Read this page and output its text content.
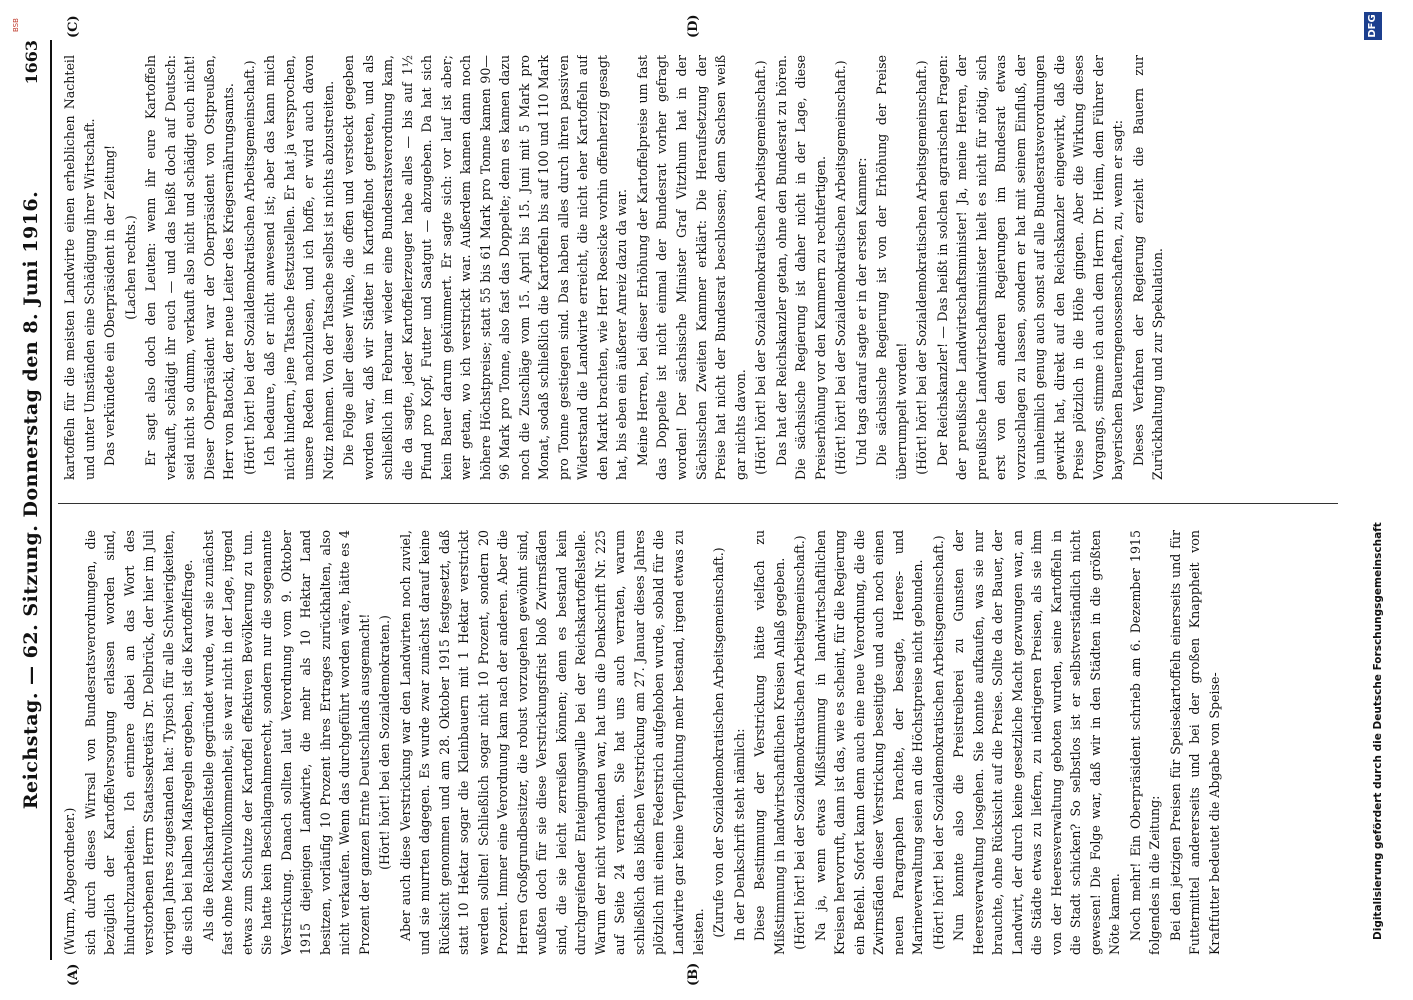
Reichstag. — 62. Sitzung. Donnerstag den 8. Juni 1916.
1663
(A)	(B)
(C)	(D)

(Wurm, Abgeordneter.) sich durch dieses Wirrsal von Bundesratsverordnungen, die bezüglich der Kartoffelversorgung erlassen worden sind, hindurchzuarbeiten. Ich erinnere dabei an das Wort des verstorbenen Herrn Staatssekretärs Dr. Delbrück, der hier im Juli vorigen Jahres zugestanden hat: Typisch für alle Schwierigkeiten, die sich bei halben Maßregeln ergeben, ist die Kartoffelfrage. Als die Reichskartoffelstelle gegründet wurde, war sie zunächst fast ohne Machtvollkommenheit, sie war nicht in der Lage, irgend etwas zum Schutze der Kartoffel effektiven Bevölkerung zu tun. Sie hatte kein Beschlagnahmerecht, sondern nur die sogenannte Verstrickung. Danach sollten laut Verordnung vom 9. Oktober 1915 diejenigen Landwirte, die mehr als 10 Hektar Land besitzen, vorläufig 10 Prozent ihres Ertrages zurückhalten, also nicht verkaufen. Wenn das durchgeführt worden wäre, hätte es 4 Prozent der ganzen Ernte Deutschlands ausgemacht! (Hört! hört! bei den Sozialdemokraten.) Aber auch diese Verstrickung war den Landwirten noch zuviel, und sie murrten dagegen. Es wurde zwar zunächst darauf keine Rücksicht genommen und am 28. Oktober 1915 festgesetzt, daß statt 10 Hektar sogar die Kleinbauern mit 1 Hektar verstrickt werden sollten! Schließlich sogar nicht 10 Prozent, sondern 20 Prozent. Immer eine Verordnung kam nach der anderen. Aber die Herren Großgrundbesitzer, die robust vorzugehen gewöhnt sind, wußten doch für sie diese Verstrickungsfrist bloß Zwirnsfäden sind, die sie leicht zerreißen können; denn es bestand kein durchgreifender Enteignungswille bei der Reichskartoffelstelle. Warum der nicht vorhanden war, hat uns die Denkschrift Nr. 225 auf Seite 24 verraten. Sie hat uns auch verraten, warum schließlich das bißchen Verstrickung am 27. Januar dieses Jahres plötzlich mit einem Federstrich aufgehoben wurde, sobald für die Landwirte gar keine Verpflichtung mehr bestand, irgend etwas zu leisten. (Zurufe von der Sozialdemokratischen Arbeitsgemeinschaft.) In der Denkschrift steht nämlich: Diese Bestimmung der Verstrickung hätte vielfach zu Mißstimmung in landwirtschaftlichen Kreisen Anlaß gegeben. (Hört! hört! bei der Sozialdemokratischen Arbeitsgemeinschaft.) Na ja, wenn etwas Mißstimmung in landwirtschaftlichen Kreisen hervorruft, dann ist das, wie es scheint, für die Regierung ein Befehl. Sofort kann denn auch eine neue Verordnung, die die Zwirnsfäden dieser Verstrickung beseitigte und auch noch einen neuen Paragraphen brachte, der besagte, Heeres- und Marineverwaltung seien an die Höchstpreise nicht gebunden. (Hört! hört! bei der Sozialdemokratischen Arbeitsgemeinschaft.) Nun konnte also die Preistreiberei zu Gunsten der Heeresverwaltung losgehen. Sie konnte aufkaufen, was sie nur brauchte, ohne Rücksicht auf die Preise. Sollte da der Bauer, der Landwirt, der durch keine gesetzliche Macht gezwungen war, an die Städte etwas zu liefern, zu niedrigeren Preisen, als sie ihm von der Heeresverwaltung geboten wurden, seine Kartoffeln in die Stadt schicken? So selbstlos ist er selbstverständlich nicht gewesen! Die Folge war, daß wir in den Städten in die größten Nöte kamen. Noch mehr! Ein Oberpräsident schrieb am 6. Dezember 1915 folgendes in die Zeitung: Bei den jetzigen Preisen für Speisekartoffeln einerseits und für Futtermittel andererseits und bei der großen Knappheit von Kraftfutter bedeutet die Abgabe von Speise-

kartoffeln für die meisten Landwirte einen erheblichen Nachteil und unter Umständen eine Schädigung ihrer Wirtschaft. Das verkündete ein Oberpräsident in der Zeitung! (Lachen rechts.) Er sagt also doch den Leuten: wenn ihr eure Kartoffeln verkauft, schädigt ihr euch — und das heißt doch auf Deutsch: seid nicht so dumm, verkauft also nicht und schädigt euch nicht! Dieser Oberpräsident war der Oberpräsident von Ostpreußen, Herr von Batocki, der neue Leiter des Kriegsernährungsamts. (Hört! hört! bei der Sozialdemokratischen Arbeitsgemeinschaft.) Ich bedaure, daß er nicht anwesend ist; aber das kann mich nicht hindern, jene Tatsache festzustellen. Er hat ja versprochen, unsere Reden nachzulesen, und ich hoffe, er wird auch davon Notiz nehmen. Von der Tatsache selbst ist nichts abzustreiten. Die Folge aller dieser Winke, die offen und versteckt gegeben worden war, daß wir Städter in Kartoffelnot getreten, und als schließlich im Februar wieder eine Bundesratsverordnung kam, die da sagte, jeder Kartoffelerzeuger habe alles — bis auf 1½ Pfund pro Kopf, Futter und Saatgut — abzugeben. Da hat sich kein Bauer darum gekümmert. Er sagte sich: vor lauf ist aber; wer getan, wo ich verstrickt war. Außerdem kamen dann noch höhere Höchstpreise; statt 55 bis 61 Mark pro Tonne kamen 90—96 Mark pro Tonne, also fast das Doppelte; denn es kamen dazu noch die Zuschläge vom 15. April bis 15. Juni mit 5 Mark pro Monat, sodaß schließlich die Kartoffeln bis auf 100 und 110 Mark pro Tonne gestiegen sind. Das haben alles durch ihren passiven Widerstand die Landwirte erreicht, die nicht eher Kartoffeln auf den Markt brachten, wie Herr Roesicke vorhin offenherzig gesagt hat, bis eben ein äußerer Anreiz dazu da war. Meine Herren, bei dieser Erhöhung der Kartoffelpreise um fast das Doppelte ist nicht einmal der Bundesrat vorher gefragt worden! Der sächsische Minister Graf Vitzthum hat in der Sächsischen Zweiten Kammer erklärt: Die Heraufsetzung der Preise hat nicht der Bundesrat beschlossen; denn Sachsen weiß gar nichts davon. (Hört! hört! bei der Sozialdemokratischen Arbeitsgemeinschaft.) Das hat der Reichskanzler getan, ohne den Bundesrat zu hören. Die sächsische Regierung ist daher nicht in der Lage, diese Preiserhöhung vor den Kammern zu rechtfertigen. (Hört! hört! bei der Sozialdemokratischen Arbeitsgemeinschaft.) Und tags darauf sagte er in der ersten Kammer: Die sächsische Regierung ist von der Erhöhung der Preise überrumpelt worden! (Hört! hört! bei der Sozialdemokratischen Arbeitsgemeinschaft.) Der Reichskanzler! — Das heißt in solchen agrarischen Fragen: der preußische Landwirtschaftsminister! Ja, meine Herren, der preußische Landwirtschaftsminister hielt es nicht für nötig, sich erst von den anderen Regierungen im Bundesrat etwas vorzuschlagen zu lassen, sondern er hat mit seinem Einfluß, der ja unheimlich genug auch sonst auf alle Bundesratsverordnungen gewirkt hat, direkt auf den Reichskanzler eingewirkt, daß die Preise plötzlich in die Höhe gingen. Aber die Wirkung dieses Vorgangs, stimme ich auch dem Herrn Dr. Heim, dem Führer der bayerischen Bauerngenossenschaften, zu, wenn er sagt: Dieses Verfahren der Regierung erzieht die Bauern zur Zurückhaltung und zur Spekulation.

Digitalisierung gefördert durch die Deutsche Forschungsgemeinschaft
DFG
BSB
